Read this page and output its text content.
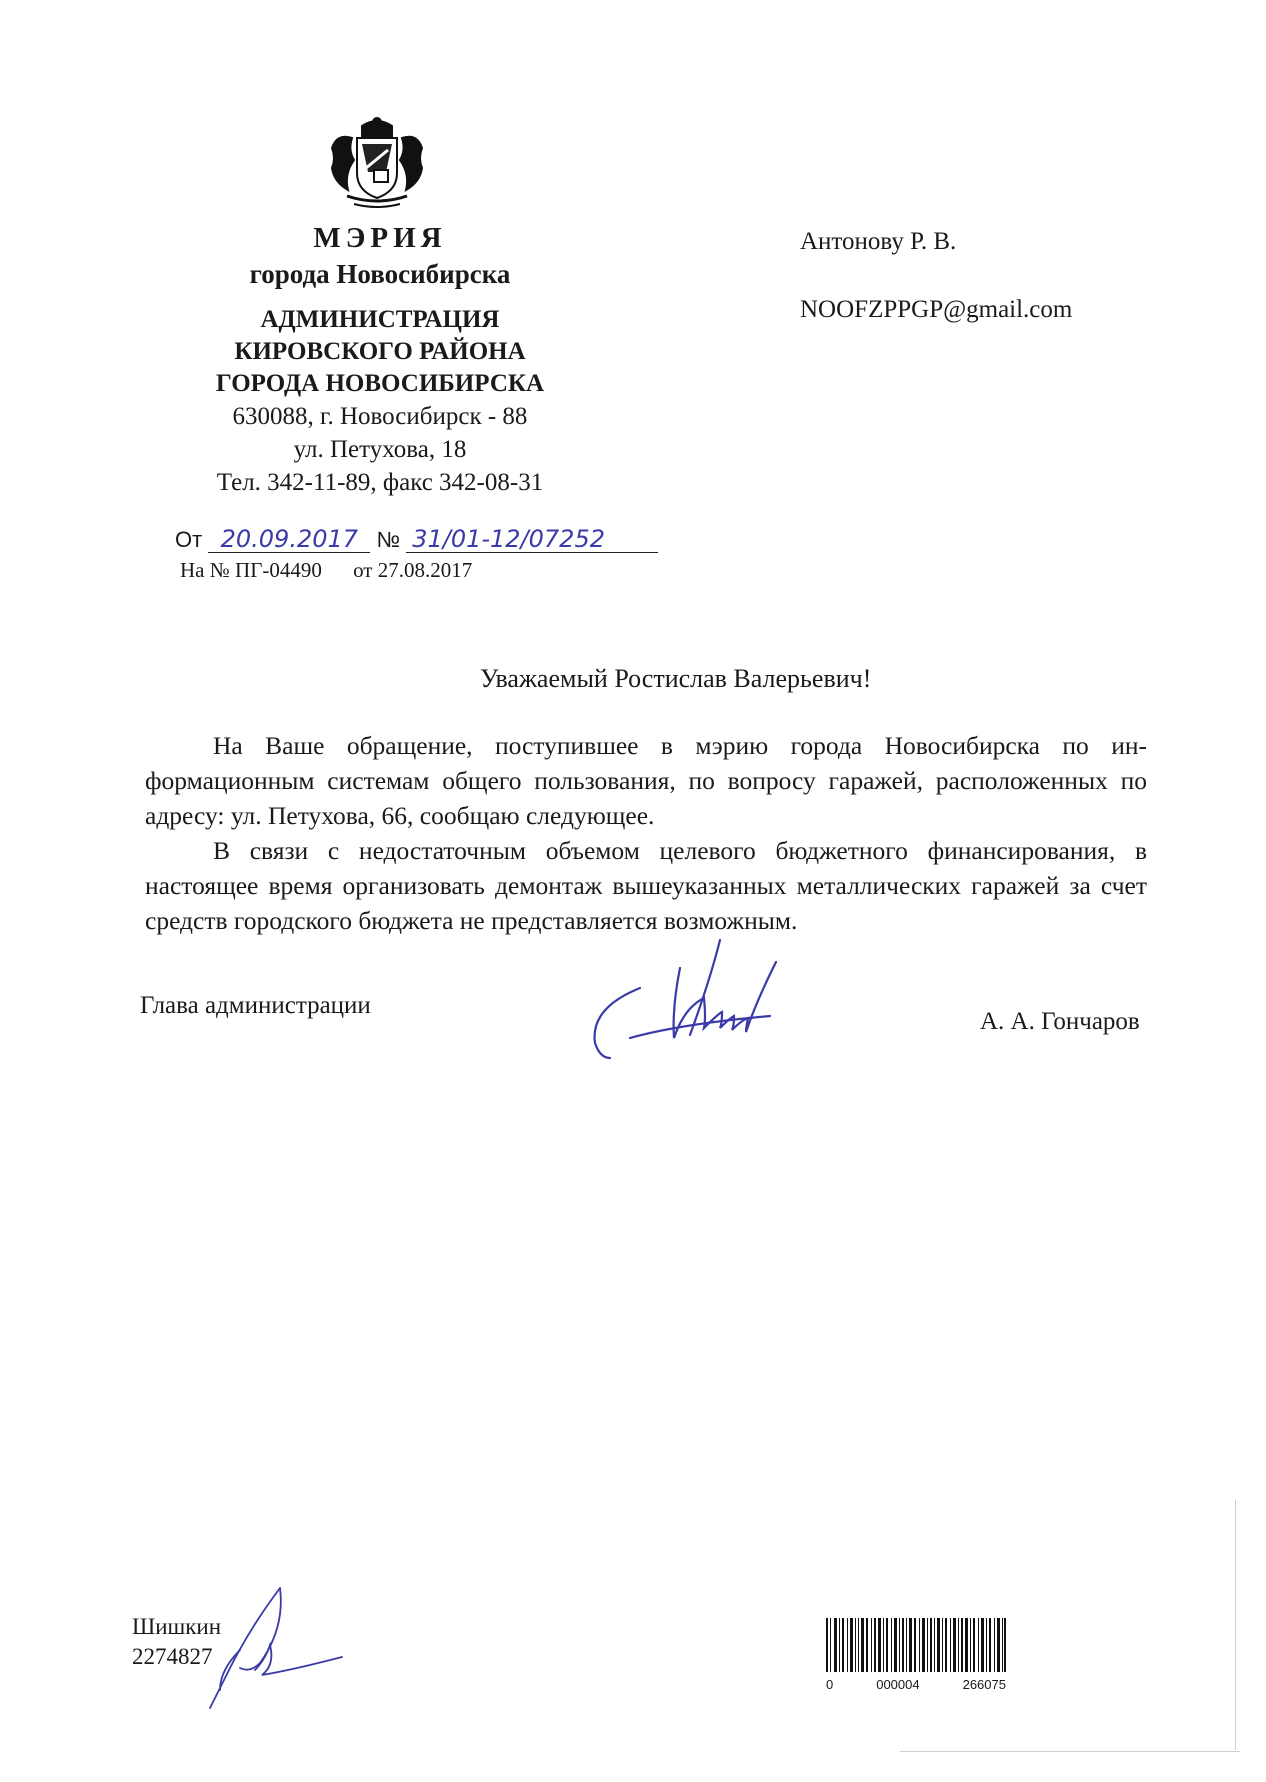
МЭРИЯ

города Новосибирска

АДМИНИСТРАЦИЯ

КИРОВСКОГО РАЙОНА

ГОРОДА НОВОСИБИРСКА

630088, г. Новосибирск - 88

ул. Петухова, 18

Тел. 342-11-89, факс 342-08-31

Антонову Р. В.
NOOFZPPGP@gmail.com
От 20.09.2017 № 31/01-12/07252
На № ПГ-04490 от 27.08.2017
Уважаемый Ростислав Валерьевич!

На Ваше обращение, поступившее в мэрию города Новосибирска по информационным системам общего пользования, по вопросу гаражей, расположенных по адресу: ул. Петухова, 66, сообщаю следующее.

В связи с недостаточным объемом целевого бюджетного финансирования, в настоящее время организовать демонтаж вышеуказанных металлических гаражей за счет средств городского бюджета не представляется возможным.

Глава администрации
А. А. Гончаров
Шишкин
2274827
0	000004	266075
